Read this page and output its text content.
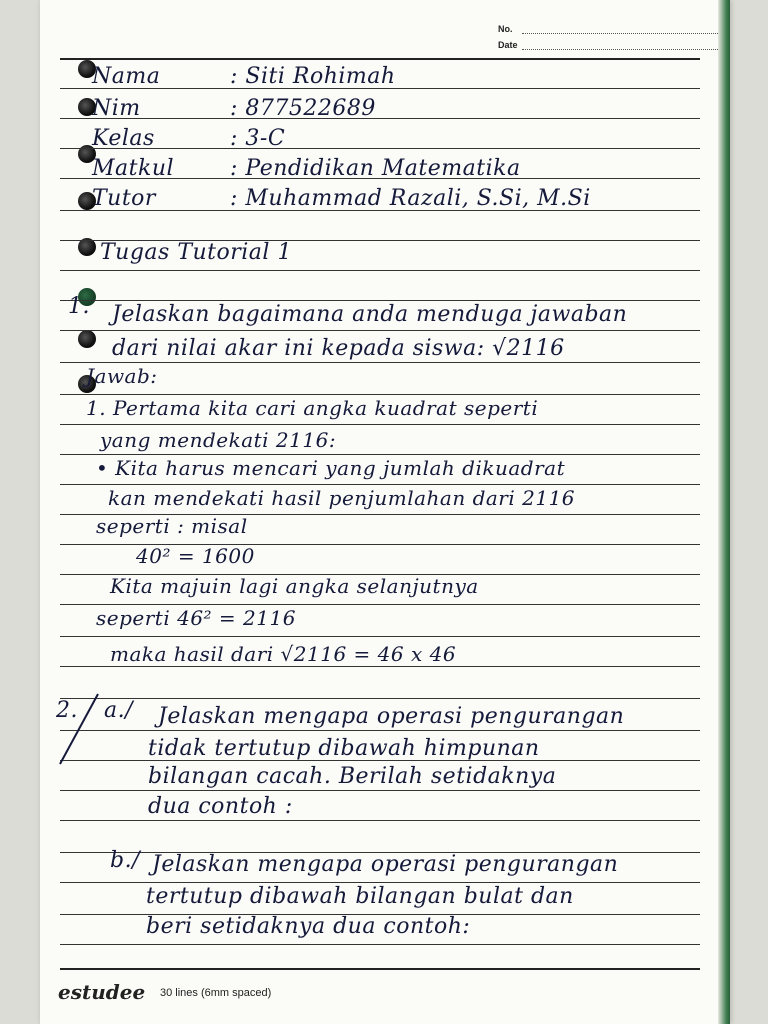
No.
Date
Nama	: Siti Rohimah
Nim	: 877522689
Kelas	: 3-C
Matkul	: Pendidikan Matematika
Tutor	: Muhammad Razali, S.Si, M.Si
Tugas Tutorial 1
1. Jelaskan bagaimana anda menduga jawaban
dari nilai akar ini kepada siswa: √2116
Jawab:
1. Pertama kita cari angka kuadrat seperti
yang mendekati 2116:
• Kita harus mencari yang jumlah dikuadrat
kan mendekati hasil penjumlahan dari 2116
seperti : misal
40² = 1600
Kita majuin lagi angka selanjutnya
seperti 46² = 2116
maka hasil dari √2116 = 46 x 46
2. a./ Jelaskan mengapa operasi pengurangan
tidak tertutup dibawah himpunan
bilangan cacah. Berilah setidaknya
dua contoh :
b./ Jelaskan mengapa operasi pengurangan
tertutup dibawah bilangan bulat dan
beri setidaknya dua contoh:
estudee 30 lines (6mm spaced)
